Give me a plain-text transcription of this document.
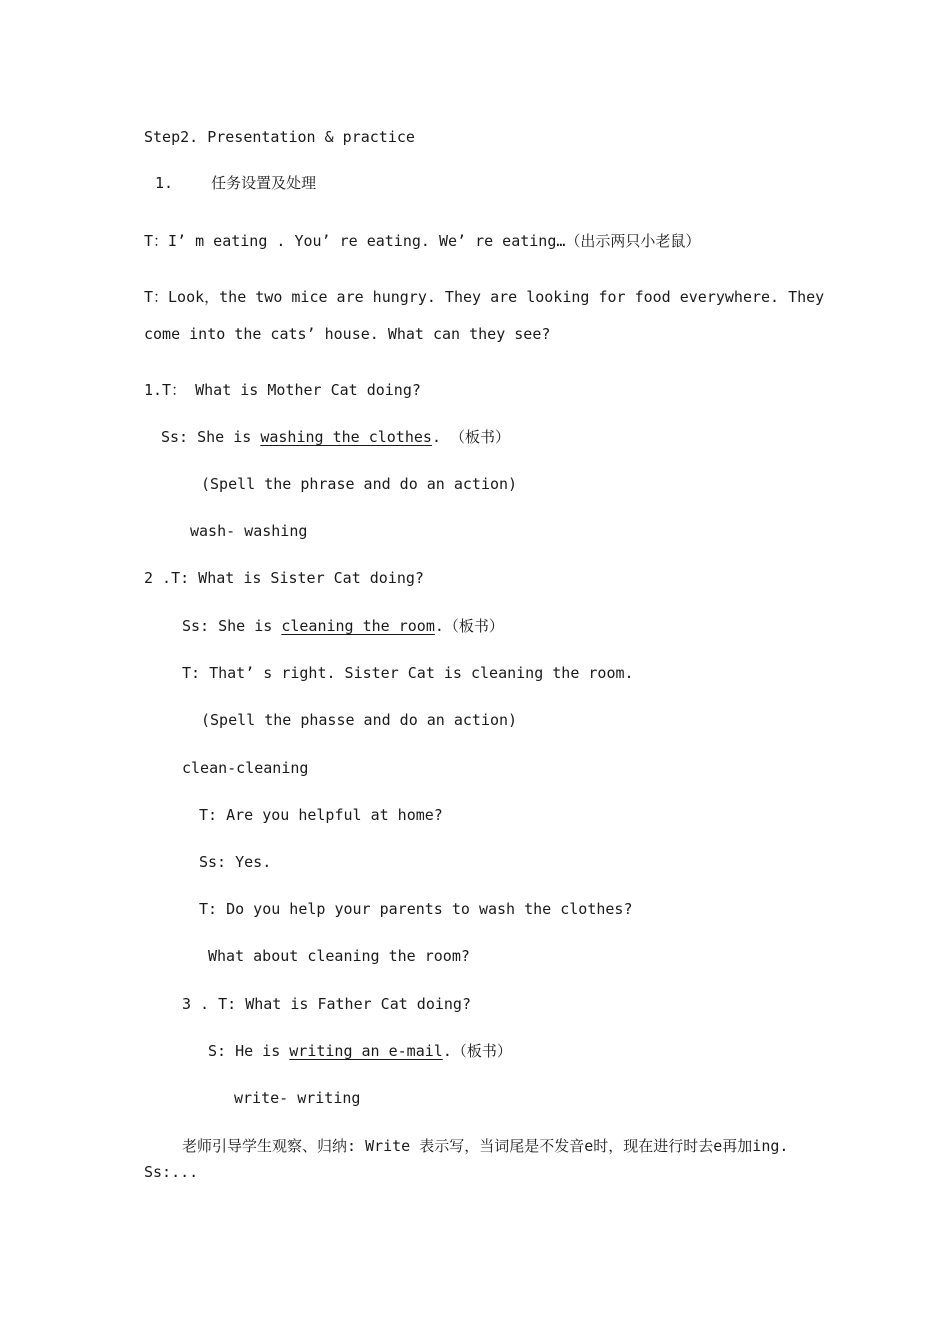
Step2. Presentation & practice
1.	任务设置及处理
T：I’ m eating . You’ re eating. We’ re eating…（出示两只小老鼠）
T：Look，the two mice are hungry. They are looking for food everywhere. They
come into the cats’ house. What can they see?
1.T： What is Mother Cat doing?
Ss: She is washing the clothes. （板书）
(Spell the phrase and do an action)
wash- washing
2 .T: What is Sister Cat doing?
Ss: She is cleaning the room.（板书）
T: That’ s right. Sister Cat is cleaning the room.
(Spell the phasse and do an action)
clean-cleaning
T: Are you helpful at home?
Ss: Yes.
T: Do you help your parents to wash the clothes?
What about cleaning the room?
3 . T: What is Father Cat doing?
S: He is writing an e-mail.（板书）
write- writing
老师引导学生观察、归纳: Write 表示写，当词尾是不发音e时，现在进行时去e再加ing. Ss:...
